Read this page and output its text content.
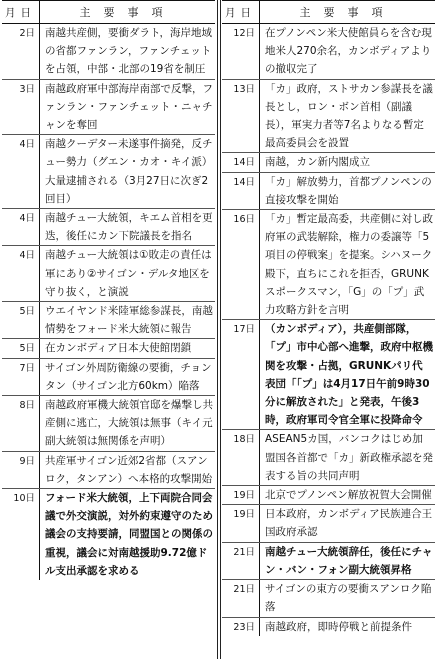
月日	主要事項
2日 南越共産側，要衝ダラト，海岸地域の省都ファンラン，ファンチェットを占領，中部・北部の19省を制圧
3日 南越政府軍中部海岸南部で反撃，ファンラン・ファンチェット・ニャチャンを奪回
4日 南越クーデター未遂事件摘発，反チュー勢力（グエン・カオ・キイ派）大量逮捕される（3月27日に次ぎ2回目）
4日 南越チュー大統領，キエム首相を更迭，後任にカン下院議長を指名
4日 南越チュー大統領は①敗走の責任は軍にあり②サイゴン・デルタ地区を守り抜く，と演説
5日 ウエイヤンド米陸軍総参謀長，南越情勢をフォード米大統領に報告
5日 在カンボディア日本大使館閉鎖
7日 サイゴン外周防衛線の要衝，チョンタン（サイゴン北方60km）陥落
8日 南越政府軍機大統領官邸を爆撃し共産側に逃亡，大統領は無事（キイ元副大統領は無関係を声明）
9日 共産軍サイゴン近郊2省都（スアンロク，タンアン）へ本格的攻撃開始
10日 フォード米大統領，上下両院合同会議で外交演説，対外約束遵守のため議会の支持要請，同盟国との関係の重視，議会に対南越援助9.72億ドル支出承認を求める
月日	主要事項
12日 在プノンペン米大使館員らを含む現地米人270余名，カンボディアよりの撤収完了
13日 「カ」政府，ストサカン参謀長を議長とし，ロン・ボン首相（副議長），軍実力者等7名よりなる暫定最高委員会を設置
14日 南越，カン新内閣成立
14日 「カ」解放勢力，首都プノンペンの直接攻撃を開始
16日 「カ」暫定最高委，共産側に対し政府軍の武装解除，権力の委譲等「5項目の停戦案」を提案。シハヌーク殿下，直ちにこれを拒否，GRUNKスポークスマン，「G」の「プ」武力攻略方針を言明
17日 （カンボディア），共産側部隊，「プ」市中心部へ進撃，政府中枢機関を攻撃・占拠，GRUNKパリ代表団「「プ」は4月17日午前9時30分に解放された」と発表，午後3時，政府軍司令官全軍に投降命令
18日 ASEAN5カ国，バンコクはじめ加盟国各首都で「カ」新政権承認を発表する旨の共同声明
19日 北京でプノンペン解放祝賀大会開催
19日 日本政府，カンボディア民族連合王国政府承認
21日 南越チュー大統領辞任，後任にチャン・バン・フォン副大統領昇格
21日 サイゴンの東方の要衝スアンロク陥落
23日 南越政府，即時停戦と前提条件
